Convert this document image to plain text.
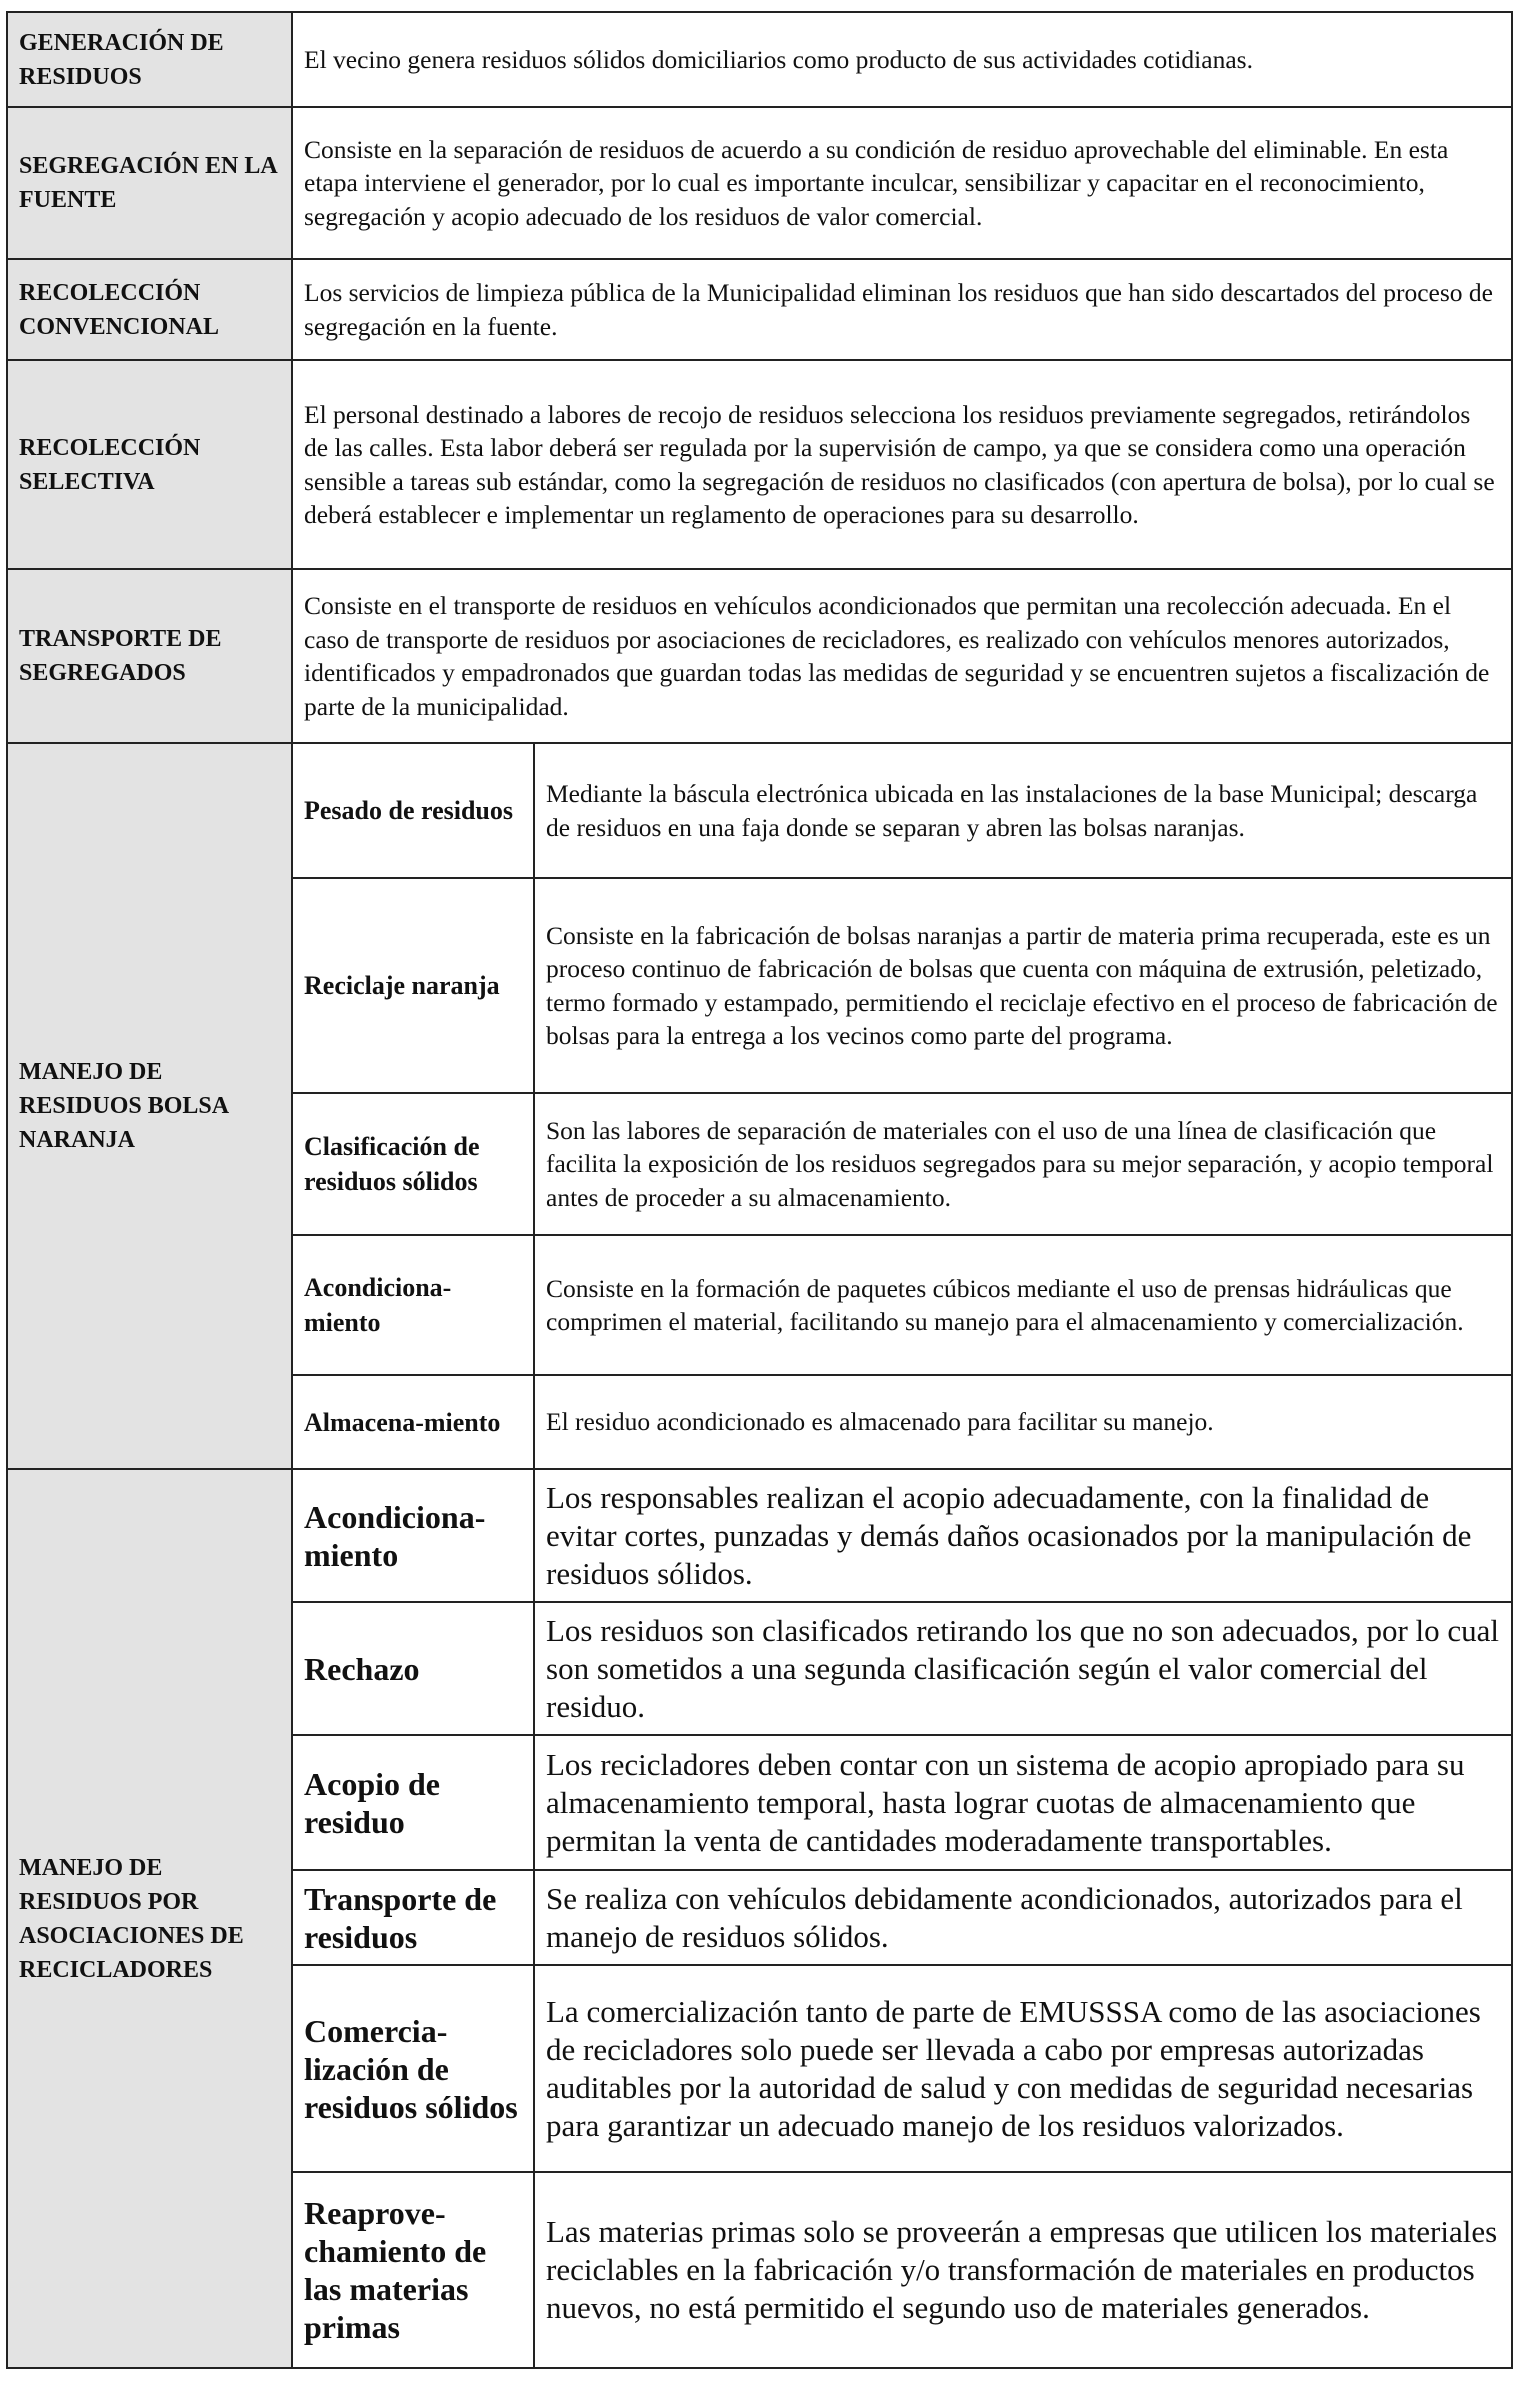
GENERACIÓN DE RESIDUOS	El vecino genera residuos sólidos domiciliarios como producto de sus actividades cotidianas.	

SEGREGACIÓN EN LA FUENTE	Consiste en la separación de residuos de acuerdo a su condición de residuo aprovechable del eliminable. En esta etapa interviene el generador, por lo cual es importante inculcar, sensibilizar y capacitar en el reconocimiento, segregación y acopio adecuado de los residuos de valor comercial.	

RECOLECCIÓN CONVENCIONAL	Los servicios de limpieza pública de la Municipalidad eliminan los residuos que han sido descartados del proceso de segregación en la fuente.	

RECOLECCIÓN SELECTIVA	El personal destinado a labores de recojo de residuos selecciona los residuos previamente segregados, retirándolos de las calles. Esta labor deberá ser regulada por la supervisión de campo, ya que se considera como una operación sensible a tareas sub estándar, como la segregación de residuos no clasificados (con apertura de bolsa), por lo cual se deberá establecer e implementar un reglamento de operaciones para su desarrollo.	

TRANSPORTE DE SEGREGADOS	Consiste en el transporte de residuos en vehículos acondicionados que permitan una recolección adecuada. En el caso de transporte de residuos por asociaciones de recicladores, es realizado con vehículos menores autorizados, identificados y empadronados que guardan todas las medidas de seguridad y se encuentren sujetos a fiscalización de parte de la municipalidad.	

MANEJO DE RESIDUOS BOLSA NARANJA	Pesado de residuos	Mediante la báscula electrónica ubicada en las instalaciones de la base Municipal; descarga de residuos en una faja donde se separan y abren las bolsas naranjas.

	Reciclaje naranja	Consiste en la fabricación de bolsas naranjas a partir de materia prima recuperada, este es un proceso continuo de fabricación de bolsas que cuenta con máquina de extrusión, peletizado, termo formado y estampado, permitiendo el reciclaje efectivo en el proceso de fabricación de bolsas para la entrega a los vecinos como parte del programa.

	Clasificación de residuos sólidos	Son las labores de separación de materiales con el uso de una línea de clasificación que facilita la exposición de los residuos segregados para su mejor separación, y acopio temporal antes de proceder a su almacenamiento.

	Acondiciona-miento	Consiste en la formación de paquetes cúbicos mediante el uso de prensas hidráulicas que comprimen el material, facilitando su manejo para el almacenamiento y comercialización.

	Almacena-miento	El residuo acondicionado es almacenado para facilitar su manejo.

MANEJO DE RESIDUOS POR ASOCIACIONES DE RECICLADORES	Acondiciona-miento	Los responsables realizan el acopio adecuadamente, con la finalidad de evitar cortes, punzadas y demás daños ocasionados por la manipulación de residuos sólidos.

	Rechazo	Los residuos son clasificados retirando los que no son adecuados, por lo cual son sometidos a una segunda clasificación según el valor comercial del residuo.

	Acopio de residuo	Los recicladores deben contar con un sistema de acopio apropiado para su almacenamiento temporal, hasta lograr cuotas de almacenamiento que permitan la venta de cantidades moderadamente transportables.

	Transporte de residuos	Se realiza con vehículos debidamente acondicionados, autorizados para el manejo de residuos sólidos.

	Comercia-lización de residuos sólidos	La comercialización tanto de parte de EMUSSSA como de las asociaciones de recicladores solo puede ser llevada a cabo por empresas autorizadas auditables por la autoridad de salud y con medidas de seguridad necesarias para garantizar un adecuado manejo de los residuos valorizados.

	Reaprove-chamiento de las materias primas	Las materias primas solo se proveerán a empresas que utilicen los materiales reciclables en la fabricación y/o transformación de materiales en productos nuevos, no está permitido el segundo uso de materiales generados.
